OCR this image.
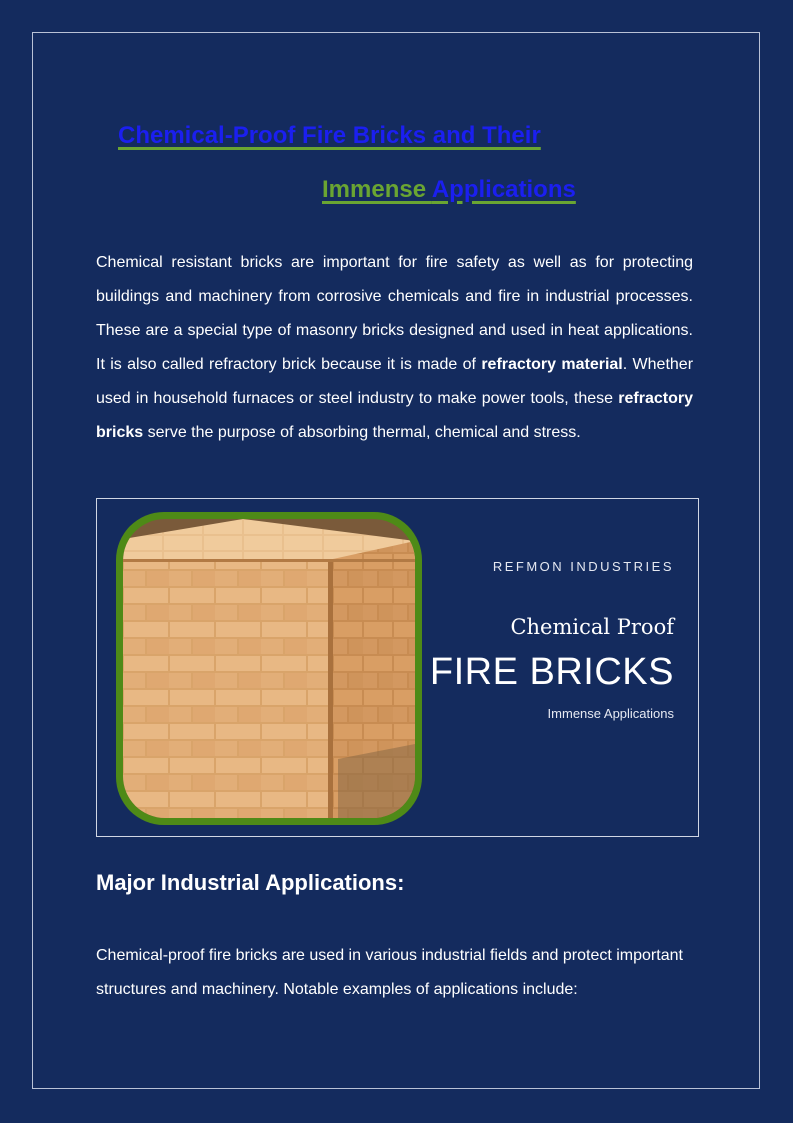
Chemical-Proof Fire Bricks and Their
Immense Applications

Chemical resistant bricks are important for fire safety as well as for protecting buildings and machinery from corrosive chemicals and fire in industrial processes. These are a special type of masonry bricks designed and used in heat applications. It is also called refractory brick because it is made of refractory material. Whether used in household furnaces or steel industry to make power tools, these refractory bricks serve the purpose of absorbing thermal, chemical and stress.

REFMON INDUSTRIES
Chemical Proof
FIRE BRICKS
Immense Applications
Major Industrial Applications:

Chemical-proof fire bricks are used in various industrial fields and protect important structures and machinery. Notable examples of applications include:
